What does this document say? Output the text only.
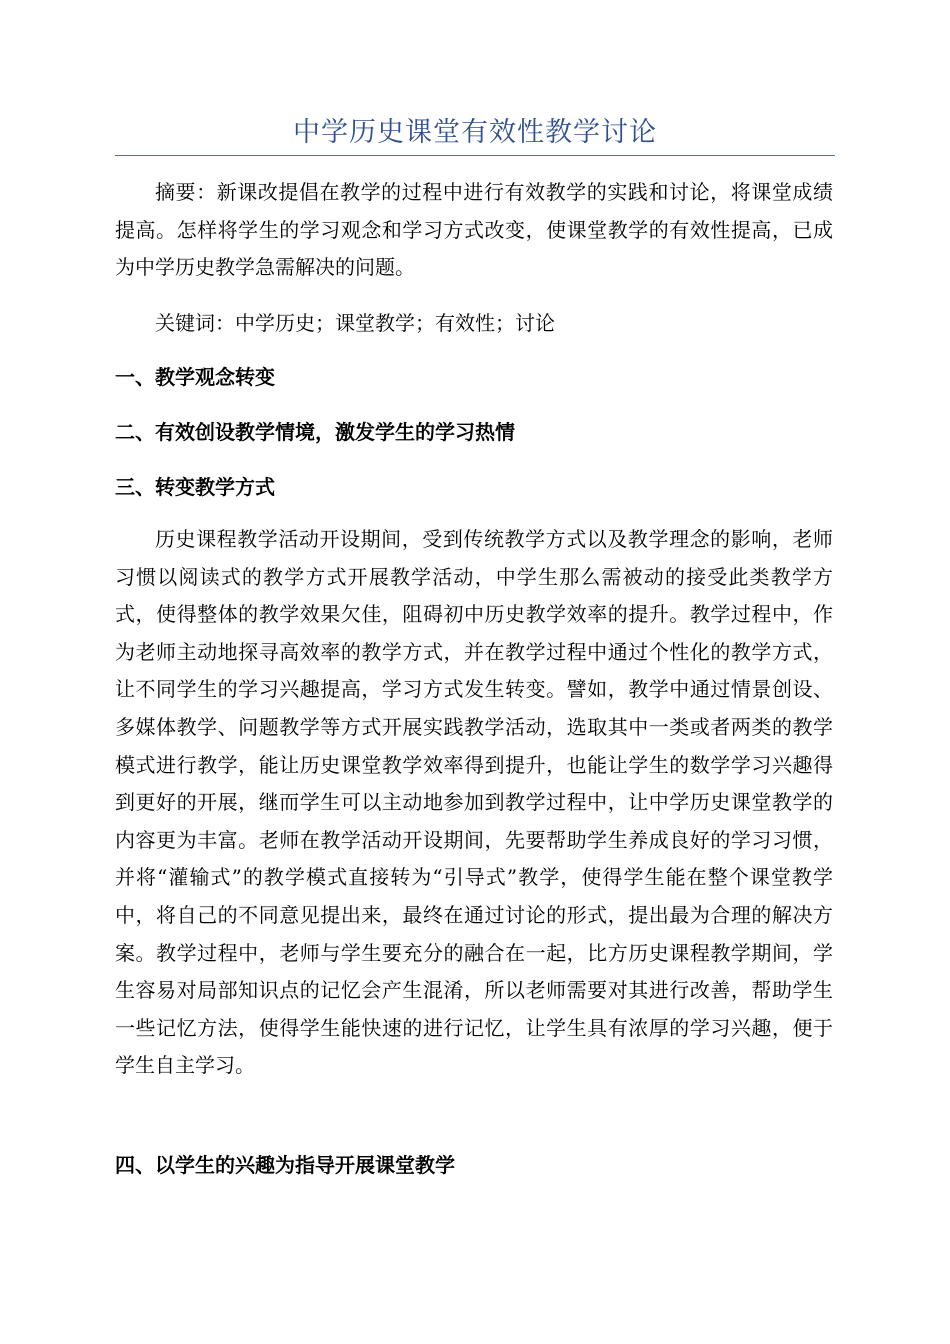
中学历史课堂有效性教学讨论

摘要：新课改提倡在教学的过程中进行有效教学的实践和讨论，将课堂成绩提高。怎样将学生的学习观念和学习方式改变，使课堂教学的有效性提高，已成为中学历史教学急需解决的问题。

关键词：中学历史；课堂教学；有效性；讨论

一、教学观念转变
二、有效创设教学情境，激发学生的学习热情
三、转变教学方式

历史课程教学活动开设期间，受到传统教学方式以及教学理念的影响，老师习惯以阅读式的教学方式开展教学活动，中学生那么需被动的接受此类教学方式，使得整体的教学效果欠佳，阻碍初中历史教学效率的提升。教学过程中，作为老师主动地探寻高效率的教学方式，并在教学过程中通过个性化的教学方式，让不同学生的学习兴趣提高，学习方式发生转变。譬如，教学中通过情景创设、多媒体教学、问题教学等方式开展实践教学活动，选取其中一类或者两类的教学模式进行教学，能让历史课堂教学效率得到提升，也能让学生的数学学习兴趣得到更好的开展，继而学生可以主动地参加到教学过程中，让中学历史课堂教学的内容更为丰富。老师在教学活动开设期间，先要帮助学生养成良好的学习习惯，并将“灌输式”的教学模式直接转为“引导式”教学，使得学生能在整个课堂教学中，将自己的不同意见提出来，最终在通过讨论的形式，提出最为合理的解决方案。教学过程中，老师与学生要充分的融合在一起，比方历史课程教学期间，学生容易对局部知识点的记忆会产生混淆，所以老师需要对其进行改善，帮助学生一些记忆方法，使得学生能快速的进行记忆，让学生具有浓厚的学习兴趣，便于学生自主学习。

四、以学生的兴趣为指导开展课堂教学
